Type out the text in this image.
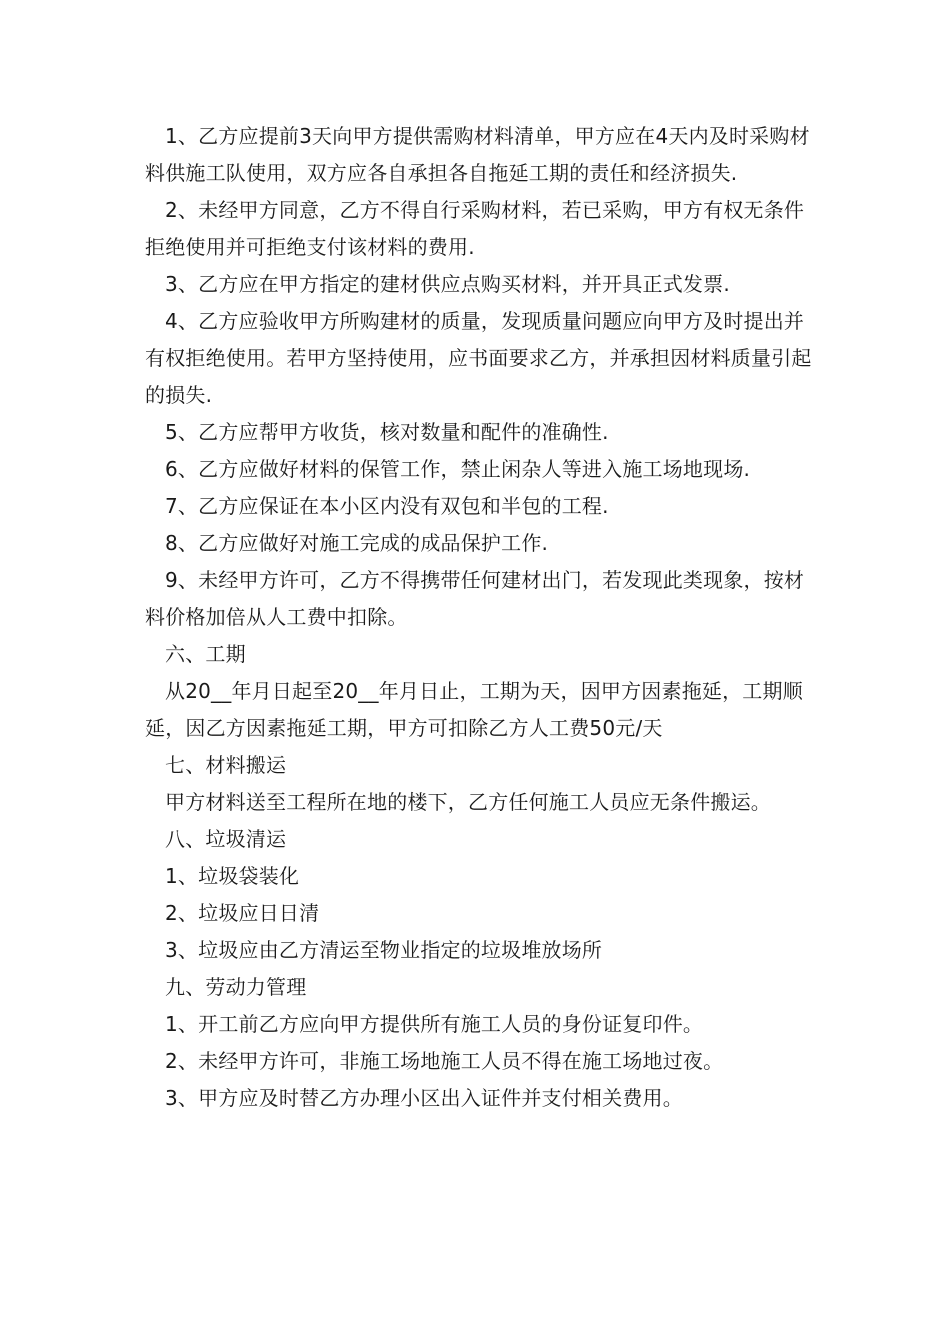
1、乙方应提前3天向甲方提供需购材料清单，甲方应在4天内及时采购材料供施工队使用，双方应各自承担各自拖延工期的责任和经济损失.

2、未经甲方同意，乙方不得自行采购材料，若已采购，甲方有权无条件拒绝使用并可拒绝支付该材料的费用.

3、乙方应在甲方指定的建材供应点购买材料，并开具正式发票.

4、乙方应验收甲方所购建材的质量，发现质量问题应向甲方及时提出并有权拒绝使用。若甲方坚持使用，应书面要求乙方，并承担因材料质量引起的损失.

5、乙方应帮甲方收货，核对数量和配件的准确性.

6、乙方应做好材料的保管工作，禁止闲杂人等进入施工场地现场.

7、乙方应保证在本小区内没有双包和半包的工程.

8、乙方应做好对施工完成的成品保护工作.

9、未经甲方许可，乙方不得携带任何建材出门，若发现此类现象，按材料价格加倍从人工费中扣除。

六、工期

从20__年月日起至20__年月日止，工期为天，因甲方因素拖延，工期顺延，因乙方因素拖延工期，甲方可扣除乙方人工费50元/天

七、材料搬运

甲方材料送至工程所在地的楼下，乙方任何施工人员应无条件搬运。

八、垃圾清运

1、垃圾袋装化

2、垃圾应日日清

3、垃圾应由乙方清运至物业指定的垃圾堆放场所

九、劳动力管理

1、开工前乙方应向甲方提供所有施工人员的身份证复印件。

2、未经甲方许可，非施工场地施工人员不得在施工场地过夜。

3、甲方应及时替乙方办理小区出入证件并支付相关费用。
